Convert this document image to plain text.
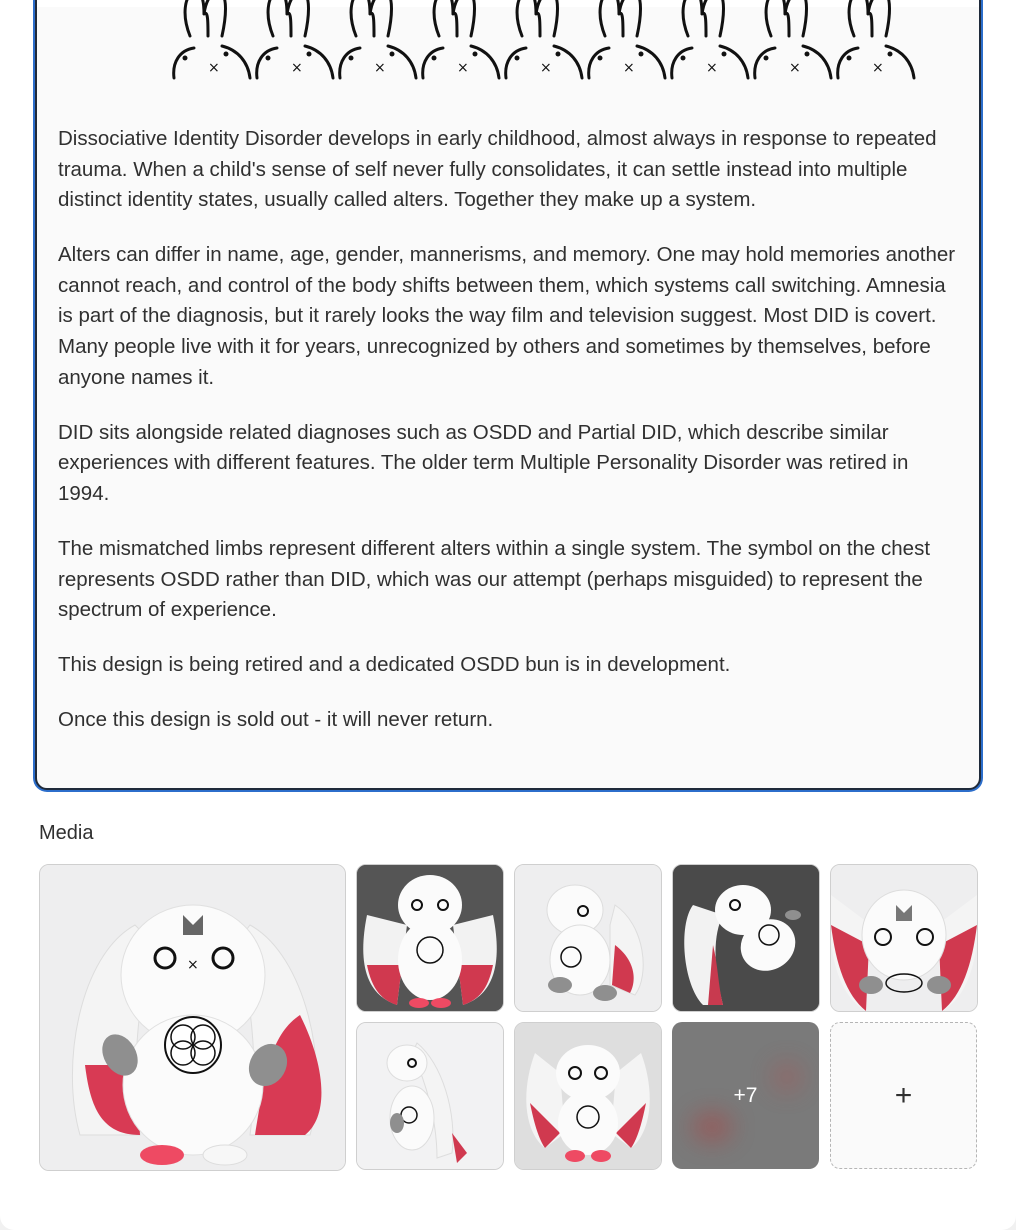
×	×	×	×	×	×	×	×	×

Dissociative Identity Disorder develops in early childhood, almost always in response to repeated trauma. When a child's sense of self never fully consolidates, it can settle instead into multiple distinct identity states, usually called alters. Together they make up a system.

Alters can differ in name, age, gender, mannerisms, and memory. One may hold memories another cannot reach, and control of the body shifts between them, which systems call switching. Amnesia is part of the diagnosis, but it rarely looks the way film and television suggest. Most DID is covert. Many people live with it for years, unrecognized by others and sometimes by themselves, before anyone names it.

DID sits alongside related diagnoses such as OSDD and Partial DID, which describe similar experiences with different features. The older term Multiple Personality Disorder was retired in 1994.

The mismatched limbs represent different alters within a single system. The symbol on the chest represents OSDD rather than DID, which was our attempt (perhaps misguided) to represent the spectrum of experience.

This design is being retired and a dedicated OSDD bun is in development.

Once this design is sold out - it will never return.

Media
×
+7	+
